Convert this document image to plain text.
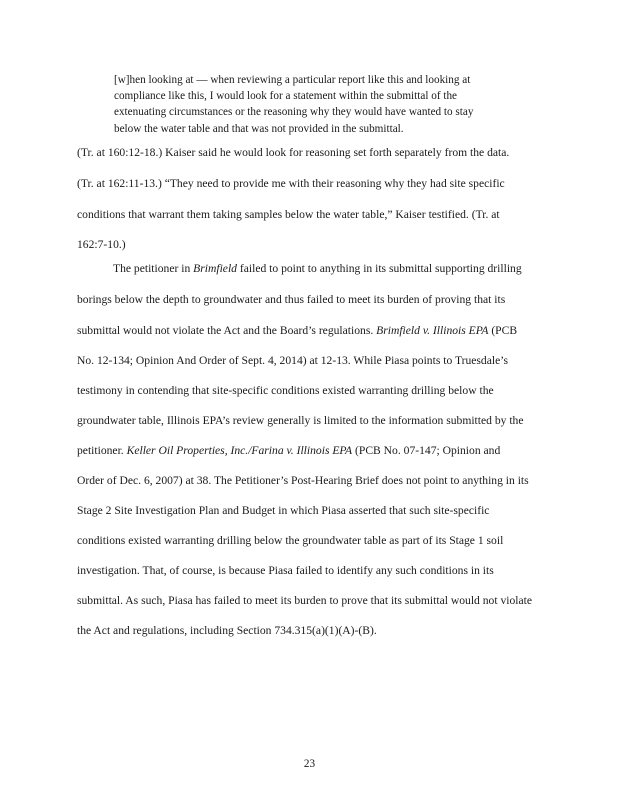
[w]hen looking at — when reviewing a particular report like this and looking at
compliance like this, I would look for a statement within the submittal of the
extenuating circumstances or the reasoning why they would have wanted to stay
below the water table and that was not provided in the submittal.
(Tr. at 160:12-18.) Kaiser said he would look for reasoning set forth separately from the data.
(Tr. at 162:11-13.) “They need to provide me with their reasoning why they had site specific
conditions that warrant them taking samples below the water table,” Kaiser testified. (Tr. at
162:7-10.)
The petitioner in Brimfield failed to point to anything in its submittal supporting drilling
borings below the depth to groundwater and thus failed to meet its burden of proving that its
submittal would not violate the Act and the Board’s regulations. Brimfield v. Illinois EPA (PCB
No. 12-134; Opinion And Order of Sept. 4, 2014) at 12-13. While Piasa points to Truesdale’s
testimony in contending that site-specific conditions existed warranting drilling below the
groundwater table, Illinois EPA’s review generally is limited to the information submitted by the
petitioner. Keller Oil Properties, Inc./Farina v. Illinois EPA (PCB No. 07-147; Opinion and
Order of Dec. 6, 2007) at 38. The Petitioner’s Post-Hearing Brief does not point to anything in its
Stage 2 Site Investigation Plan and Budget in which Piasa asserted that such site-specific
conditions existed warranting drilling below the groundwater table as part of its Stage 1 soil
investigation. That, of course, is because Piasa failed to identify any such conditions in its
submittal. As such, Piasa has failed to meet its burden to prove that its submittal would not violate
the Act and regulations, including Section 734.315(a)(1)(A)-(B).
23
